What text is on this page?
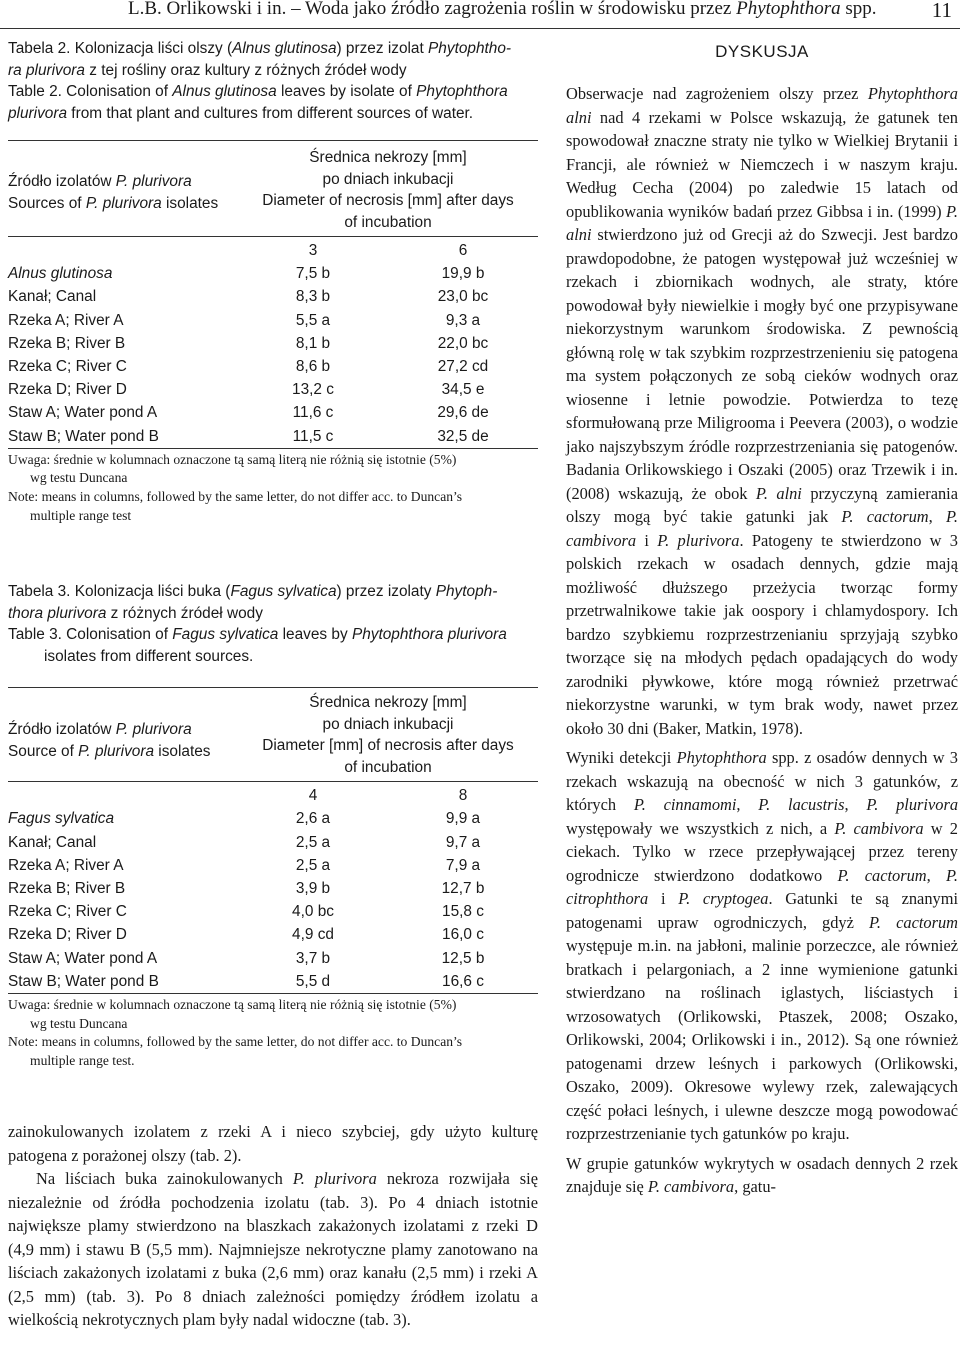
L.B. Orlikowski i in. – Woda jako źródło zagrożenia roślin w środowisku przez Phytophthora spp.	11

Tabela 2. Kolonizacja liści olszy (Alnus glutinosa) przez izolat Phytophtho-
ra plurivora z tej rośliny oraz kultury z różnych źródeł wody
Table 2. Colonisation of Alnus glutinosa leaves by isolate of Phytophthora
plurivora from that plant and cultures from different sources of water.

Źródło izolatów P. plurivora
Sources of P. plurivora isolates	Średnica nekrozy [mm]
po dniach inkubacji
Diameter of necrosis [mm] after days
of incubation	
	3	6
Alnus glutinosa	7,5 b	19,9 b
Kanał; Canal	8,3 b	23,0 bc
Rzeka A; River A	5,5 a	9,3 a
Rzeka B; River B	8,1 b	22,0 bc
Rzeka C; River C	8,6 b	27,2 cd
Rzeka D; River D	13,2 c	34,5 e
Staw A; Water pond A	11,6 c	29,6 de
Staw B; Water pond B	11,5 c	32,5 de
Uwaga: średnie w kolumnach oznaczone tą samą literą nie różnią się istotnie (5%)
wg testu Duncana
Note: means in columns, followed by the same letter, do not differ acc. to Duncan’s
multiple range test

Tabela 3. Kolonizacja liści buka (Fagus sylvatica) przez izolaty Phytoph-
thora plurivora z różnych źródeł wody
Table 3. Colonisation of Fagus sylvatica leaves by Phytophthora plurivora

isolates from different sources.

Źródło izolatów P. plurivora
Source of P. plurivora isolates	Średnica nekrozy [mm]
po dniach inkubacji
Diameter [mm] of necrosis after days
of incubation	
	4	8
Fagus sylvatica	2,6 a	9,9 a
Kanał; Canal	2,5 a	9,7 a
Rzeka A; River A	2,5 a	7,9 a
Rzeka B; River B	3,9 b	12,7 b
Rzeka C; River C	4,0 bc	15,8 c
Rzeka D; River D	4,9 cd	16,0 c
Staw A; Water pond A	3,7 b	12,5 b
Staw B; Water pond B	5,5 d	16,6 c
Uwaga: średnie w kolumnach oznaczone tą samą literą nie różnią się istotnie (5%)
wg testu Duncana
Note: means in columns, followed by the same letter, do not differ acc. to Duncan’s
multiple range test.

zainokulowanych izolatem z rzeki A i nieco szybciej, gdy użyto kulturę patogena z porażonej olszy (tab. 2).

Na liściach buka zainokulowanych P. plurivora nekroza rozwijała się niezależnie od źródła pochodzenia izolatu (tab. 3). Po 4 dniach istotnie największe plamy stwierdzono na blaszkach zakażonych izolatami z rzeki D (4,9 mm) i stawu B (5,5 mm). Najmniejsze nekrotyczne plamy zanotowano na liściach zakażonych izolatami z buka (2,6 mm) oraz kanału (2,5 mm) i rzeki A (2,5 mm) (tab. 3). Po 8 dniach zależności pomiędzy źródłem izolatu a wielkością nekrotycznych plam były nadal widoczne (tab. 3).

DYSKUSJA

Obserwacje nad zagrożeniem olszy przez Phytophthora alni nad 4 rzekami w Polsce wskazują, że gatunek ten spowodował znaczne straty nie tylko w Wielkiej Brytanii i Francji, ale również w Niemczech i w naszym kraju. Według Cecha (2004) po zaledwie 15 latach od opublikowania wyników badań przez Gibbsa i in. (1999) P. alni stwierdzono już od Grecji aż do Szwecji. Jest bardzo prawdopodobne, że patogen występował już wcześniej w rzekach i zbiornikach wodnych, ale straty, które powodował były niewielkie i mogły być one przypisywane niekorzystnym warunkom środowiska. Z pewnością główną rolę w tak szybkim rozprzestrzenieniu się patogena ma system połączonych ze sobą cieków wodnych oraz wiosenne i letnie powodzie. Potwierdza to tezę sformułowaną prze Miligrooma i Peevera (2003), o wodzie jako najszybszym źródle rozprzestrzeniania się patogenów. Badania Orlikowskiego i Oszaki (2005) oraz Trzewik i in. (2008) wskazują, że obok P. alni przyczyną zamierania olszy mogą być takie gatunki jak P. cactorum, P. cambivora i P. plurivora. Patogeny te stwierdzono w 3 polskich rzekach w osadach dennych, gdzie mają możliwość dłuższego przeżycia tworząc formy przetrwalnikowe takie jak oospory i chlamydospory. Ich bardzo szybkiemu rozprzestrzenianiu sprzyjają szybko tworzące się na młodych pędach opadających do wody zarodniki pływkowe, które mogą również przetrwać niekorzystne warunki, w tym brak wody, nawet przez około 30 dni (Baker, Matkin, 1978).

Wyniki detekcji Phytophthora spp. z osadów dennych w 3 rzekach wskazują na obecność w nich 3 gatunków, z których P. cinnamomi, P. lacustris, P. plurivora występowały we wszystkich z nich, a P. cambivora w 2 ciekach. Tylko w rzece przepływającej przez tereny ogrodnicze stwierdzono dodatkowo P. cactorum, P. citrophthora i P. cryptogea. Gatunki te są znanymi patogenami upraw ogrodniczych, gdyż P. cactorum występuje m.in. na jabłoni, malinie porzeczce, ale również bratkach i pelargoniach, a 2 inne wymienione gatunki stwierdzano na roślinach iglastych, liściastych i wrzosowatych (Orlikowski, Ptaszek, 2008; Oszako, Orlikowski, 2004; Orlikowski i in., 2012). Są one również patogenami drzew leśnych i parkowych (Orlikowski, Oszako, 2009). Okresowe wylewy rzek, zalewających część połaci leśnych, i ulewne deszcze mogą powodować rozprzestrzenianie tych gatunków po kraju.

W grupie gatunków wykrytych w osadach dennych 2 rzek znajduje się P. cambivora, gatu-
